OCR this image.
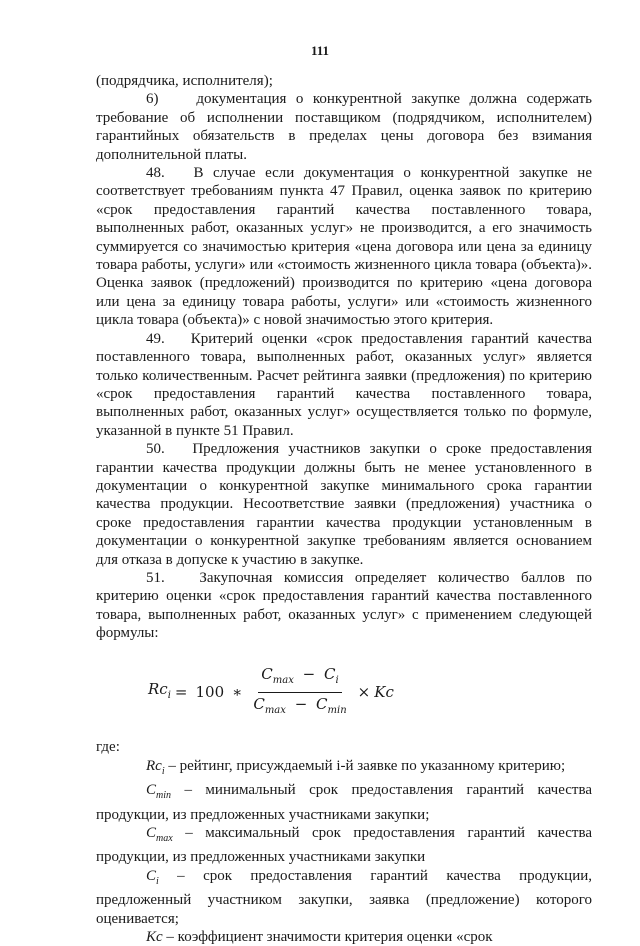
111

(подрядчика, исполнителя);

6)    документация о конкурентной закупке должна содержать требование об исполнении поставщиком (подрядчиком, исполнителем) гарантийных обязательств в пределах цены договора без взимания дополнительной платы.

48.   В случае если документация о конкурентной закупке не соответствует требованиям пункта 47 Правил, оценка заявок по критерию «срок предоставления гарантий качества поставленного товара, выполненных работ, оказанных услуг» не производится, а его значимость суммируется со значимостью критерия «цена договора или цена за единицу товара работы, услуги» или «стоимость жизненного цикла товара (объекта)». Оценка заявок (предложений) производится по критерию «цена договора или цена за единицу товара работы, услуги» или «стоимость жизненного цикла товара (объекта)» с новой значимостью этого критерия.

49.   Критерий оценки «срок предоставления гарантий качества поставленного товара, выполненных работ, оказанных услуг» является только количественным. Расчет рейтинга заявки (предложения) по критерию «срок предоставления гарантий качества поставленного товара, выполненных работ, оказанных услуг» осуществляется только по формуле, указанной в пункте 51 Правил.

50.   Предложения участников закупки о сроке предоставления гарантии качества продукции должны быть не менее установленного в документации о конкурентной закупке минимального срока гарантии качества продукции. Несоответствие заявки (предложения) участника о сроке предоставления гарантии качества продукции установленным в документации о конкурентной закупке требованиям является основанием для отказа в допуске к участию в закупке.

51.   Закупочная комиссия определяет количество баллов по критерию оценки «срок предоставления гарантий качества поставленного товара, выполненных работ, оказанных услуг» с применением следующей формулы:

$Rc_i = 100$ ∗ $\frac{C_{max} - C_i}{C_{max} - C_{min}} \times Kc$

где:

$Rc_i$ – рейтинг, присуждаемый i-й заявке по указанному критерию;

$C_{min}$ – минимальный срок предоставления гарантий качества продукции, из предложенных участниками закупки;

$C_{max}$ – максимальный срок предоставления гарантий качества продукции, из предложенных участниками закупки

$C_i$ – срок предоставления гарантий качества продукции, предложенный участником закупки, заявка (предложение) которого оценивается;

Kc – коэффициент значимости критерия оценки «срок
